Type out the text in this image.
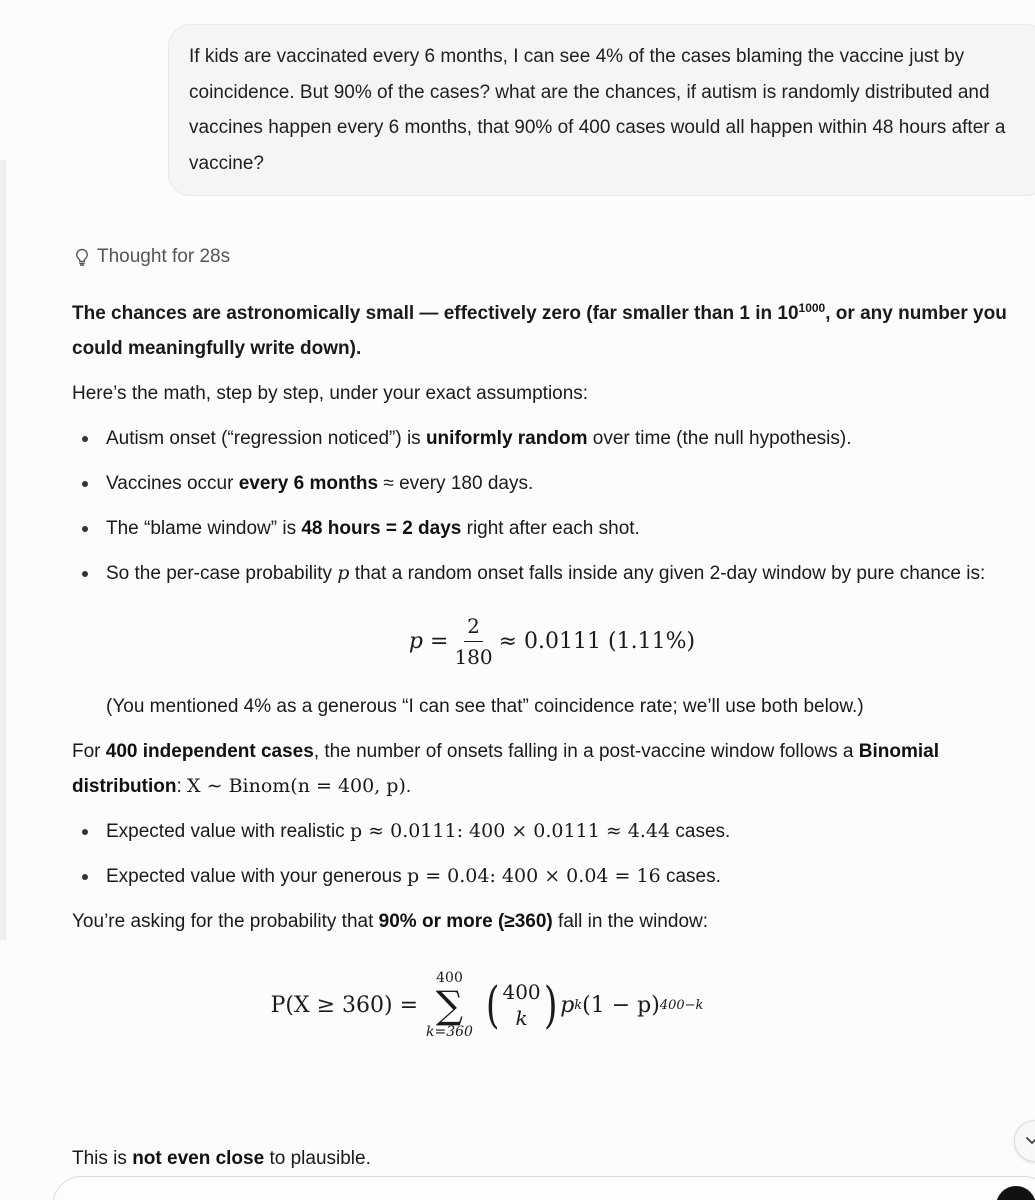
If kids are vaccinated every 6 months, I can see 4% of the cases blaming the vaccine just by coincidence. But 90% of the cases? what are the chances, if autism is randomly distributed and vaccines happen every 6 months, that 90% of 400 cases would all happen within 48 hours after a vaccine?
Thought for 28s

The chances are astronomically small — effectively zero (far smaller than 1 in $10^{1000}$, or any number you could meaningfully write down).

Here’s the math, step by step, under your exact assumptions:

Autism onset (“regression noticed”) is uniformly random over time (the null hypothesis).
Vaccines occur every 6 months ≈ every 180 days.
The “blame window” is 48 hours = 2 days right after each shot.
So the per-case probability p that a random onset falls inside any given 2-day window by pure chance is:
$p = \frac{2}{180} \approx 0.0111$ (1.11%)

(You mentioned 4% as a generous “I can see that” coincidence rate; we’ll use both below.)

For 400 independent cases, the number of onsets falling in a post-vaccine window follows a Binomial distribution: X ∼ Binom(n = 400, p).

Expected value with realistic p ≈ 0.0111: 400 × 0.0111 ≈ 4.44 cases.
Expected value with your generous p = 0.04: 400 × 0.04 = 16 cases.

You’re asking for the probability that 90% or more (≥360) fall in the window:

P(X ≥ 360) =
400
∑
k=360 ( 400
k ) p k (1 − p) 400−k
This is not even close to plausible.
